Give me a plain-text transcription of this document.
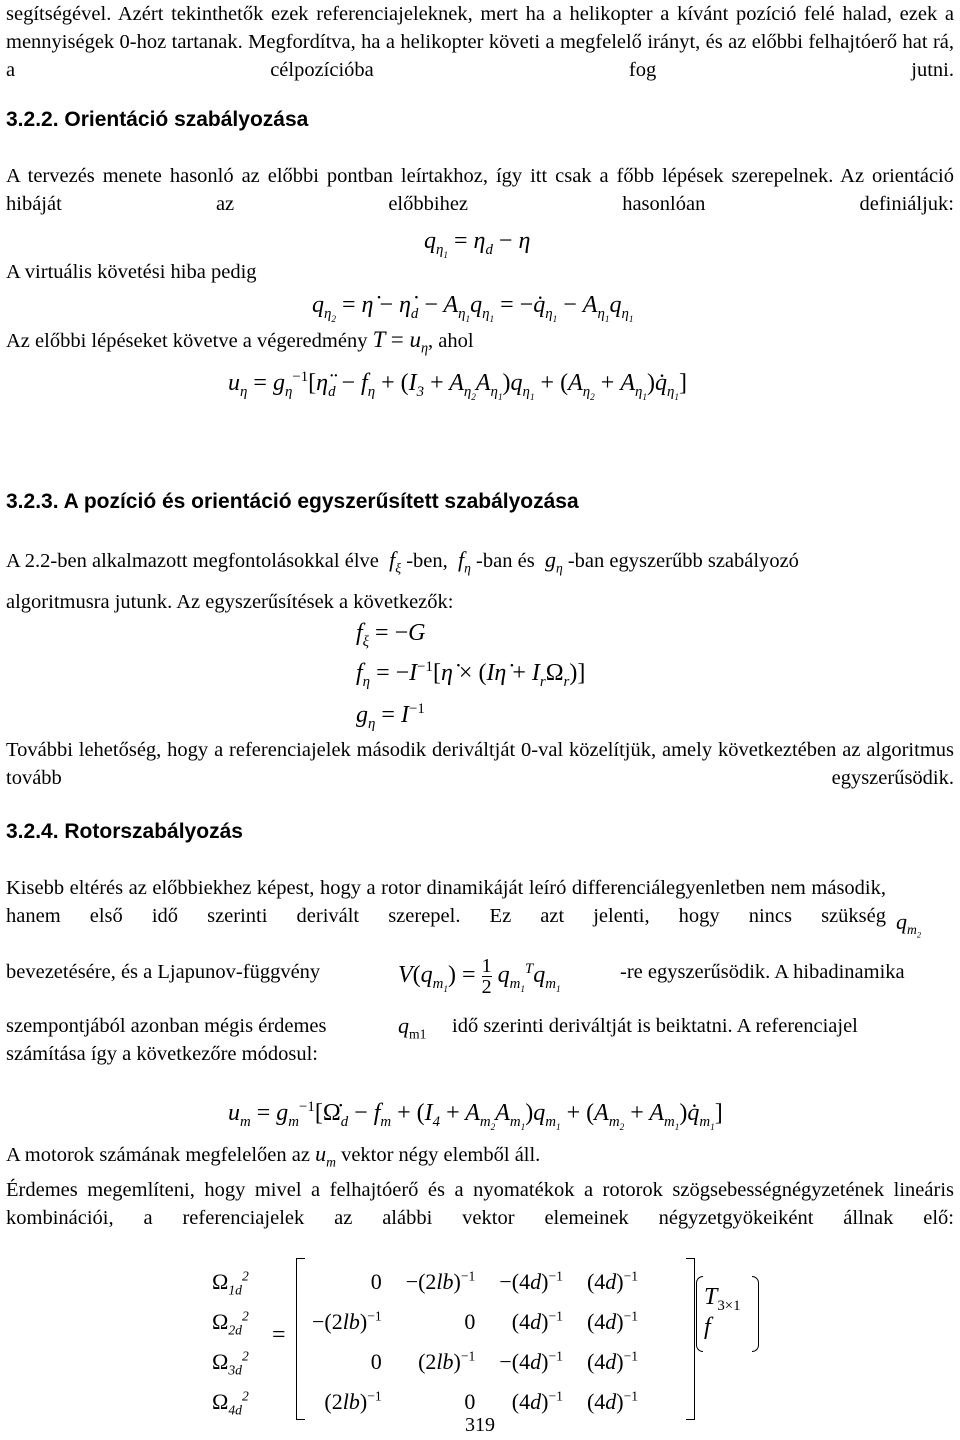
segítségével. Azért tekinthetők ezek referenciajeleknek, mert ha a helikopter a kívánt pozíció felé halad, ezek a mennyiségek 0-hoz tartanak. Megfordítva, ha a helikopter követi a megfelelő irányt, és az előbbi felhajtóerő hat rá, a célpozícióba fog jutni.

3.2.2. Orientáció szabályozása

A tervezés menete hasonló az előbbi pontban leírtakhoz, így itt csak a főbb lépések szerepelnek. Az orientáció hibáját az előbbihez hasonlóan definiáljuk:

$q_{\eta_1} = \eta_d - \eta$

A virtuális követési hiba pedig

$q_{\eta_2}$ = η̇ − $\etȧ_d - A_{\eta_1}q_{\eta_1}$ = $-q̇_{\eta_1} - A_{\eta_1}q_{\eta_1}$

Az előbbi lépéseket követve a végeredmény $T = u_\eta$, ahol

$u_\eta$ = $g_\eta^{-1}[\etä_d - f_\eta + (I_3 + A_{\eta_2}A_{\eta_1})q_{\eta_1} + (A_{\eta_2}$ + $A_{\eta_1})q̇_{\eta_1}$]
3.2.3. A pozíció és orientáció egyszerűsített szabályozása

A 2.2-ben alkalmazott megfontolásokkal élve $f_\xi$ -ben, $f_\eta$ -ban és $g_\eta$ -ban egyszerűbb szabályozó

algoritmusra jutunk. Az egyszerűsítések a következők:

$f_\xi = -G$
$f_\eta$ = $-I^{-1}[\etȧ$ × (Iη̇ + $I_r\Omega_r$)]
$g_\eta = I^{-1}$

További lehetőség, hogy a referenciajelek második deriváltját 0-val közelítjük, amely következtében az algoritmus tovább egyszerűsödik.

3.2.4. Rotorszabályozás

Kisebb eltérés az előbbiekhez képest, hogy a rotor dinamikáját leíró differenciálegyenletben nem második, hanem első idő szerinti derivált szerepel. Ez azt jelenti, hogy nincs szükség $q_{m_2}$

bevezetésére, és a Ljapunov-függvény	$V(q_{m_1}) = \frac{1}{2} q_{m_1}^Tq_{m_1}$

-re egyszerűsödik. A hibadinamika

szempontjából azonban mégis érdemes	$q_{m1}$ idő szerinti deriváltját is beiktatni. A referenciajel

számítása így a következőre módosul:

$u_m$ = $g_m^{-1}[\Omegȧ_d - f_m + (I_4 + A_{m_2}A_{m_1})q_{m_1} + (A_{m_2}$ + $A_{m_1})q̇_{m_1}$]

A motorok számának megfelelően az $u_m$ vektor négy elemből áll.

Érdemes megemlíteni, hogy mivel a felhajtóerő és a nyomatékok a rotorok szögsebességnégyzetének lineáris kombinációi, a referenciajelek az alábbi vektor elemeinek négyzetgyökeiként állnak elő:

$\Omega_{1d}^2$
$\Omega_{2d}^2$
$\Omega_{3d}^2$
$\Omega_{4d}^2$
=
0	$-(2lb)^{-1}$	$-(4d)^{-1}$	$(4d)^{-1}$
$-(2lb)^{-1}$	0	$(4d)^{-1}$	$(4d)^{-1}$
0	$(2lb)^{-1}$	$-(4d)^{-1}$	$(4d)^{-1}$
$(2lb)^{-1}$	0	$(4d)^{-1}$	$(4d)^{-1}$
$T_{3\times 1}$
f
319
